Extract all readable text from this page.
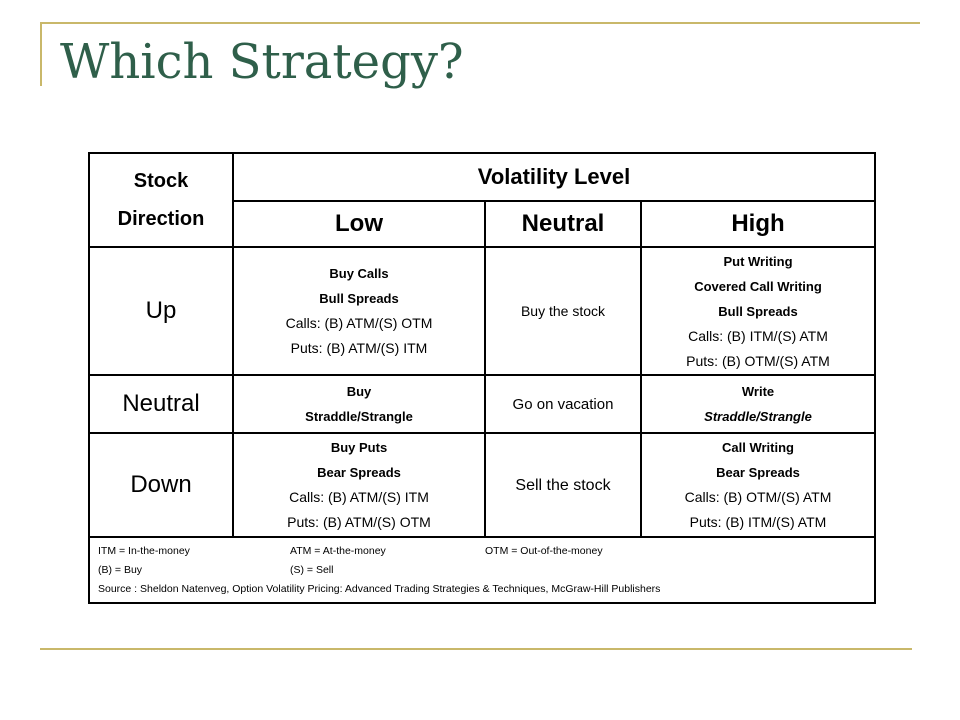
Which Strategy?
Stock
Direction	Volatility Level		
	Low	Neutral	High
Up	Buy Calls
Bull Spreads
Calls: (B) ATM/(S) OTM
Puts: (B) ATM/(S) ITM	Buy the stock	Put Writing
Covered Call Writing
Bull Spreads
Calls: (B) ITM/(S) ATM
Puts: (B) OTM/(S) ATM

Neutral	Buy
Straddle/Strangle	Go on vacation	Write
Straddle/Strangle

Down	Buy Puts
Bear Spreads
Calls: (B) ATM/(S) ITM
Puts: (B) ATM/(S) OTM	Sell the stock	Call Writing
Bear Spreads
Calls: (B) OTM/(S) ATM
Puts: (B) ITM/(S) ATM

ITM = In-the-money ATM = At-the-money OTM = Out-of-the-money
(B) = Buy (S) = Sell
Source : Sheldon Natenveg, Option Volatility Pricing: Advanced Trading Strategies & Techniques, McGraw-Hill Publishers			
